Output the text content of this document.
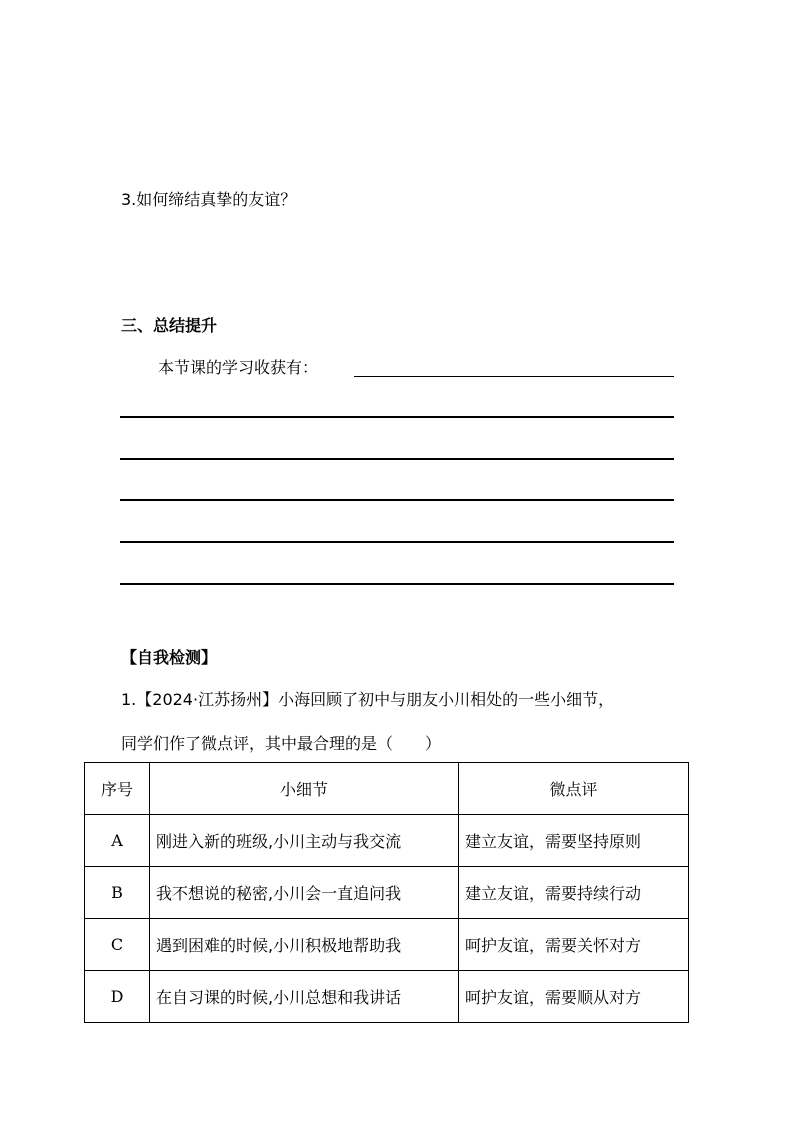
3.如何缔结真挚的友谊？
三、总结提升
本节课的学习收获有：
【自我检测】
1.【2024·江苏扬州】小海回顾了初中与朋友小川相处的一些小细节，
同学们作了微点评，其中最合理的是（　　）
序号	小细节	微点评
A	刚进入新的班级,小川主动与我交流	建立友谊，需要坚持原则
B	我不想说的秘密,小川会一直追问我	建立友谊，需要持续行动
C	遇到困难的时候,小川积极地帮助我	呵护友谊，需要关怀对方
D	在自习课的时候,小川总想和我讲话	呵护友谊，需要顺从对方
